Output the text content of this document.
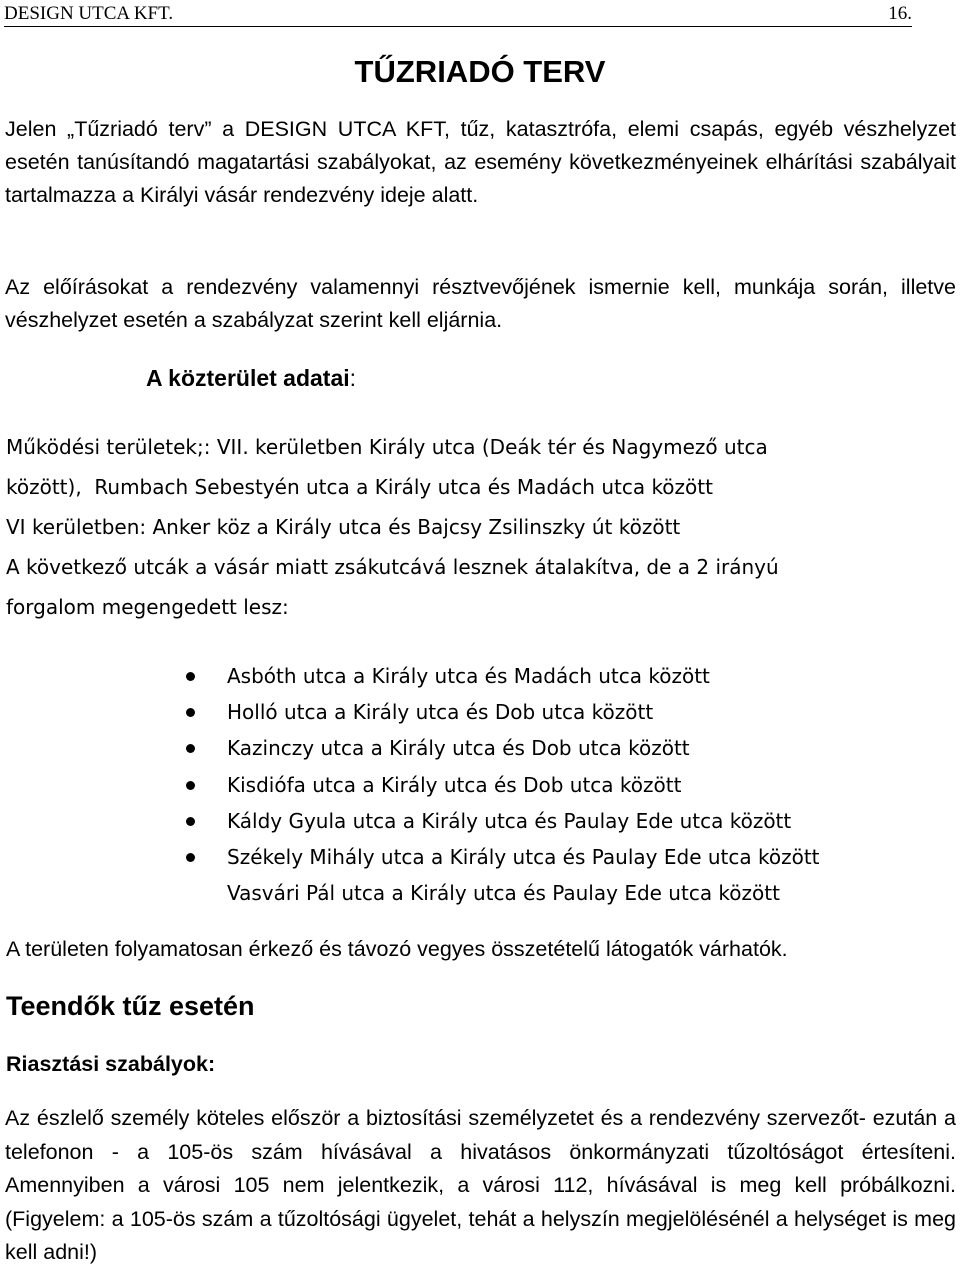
DESIGN UTCA KFT.	16.
TŰZRIADÓ TERV
Jelen „Tűzriadó terv” a DESIGN UTCA KFT, tűz, katasztrófa, elemi csapás, egyéb vészhelyzet esetén tanúsítandó magatartási szabályokat, az esemény következményeinek elhárítási szabályait tartalmazza a Királyi vásár rendezvény ideje alatt.
Az előírásokat a rendezvény valamennyi résztvevőjének ismernie kell, munkája során, illetve vészhelyzet esetén a szabályzat szerint kell eljárnia.
A közterület adatai:
Működési területek;: VII. kerületben Király utca (Deák tér és Nagymező utca
között),  Rumbach Sebestyén utca a Király utca és Madách utca között
VI kerületben: Anker köz a Király utca és Bajcsy Zsilinszky út között
A következő utcák a vásár miatt zsákutcává lesznek átalakítva, de a 2 irányú
forgalom megengedett lesz:
Asbóth utca a Király utca és Madách utca között
Holló utca a Király utca és Dob utca között
Kazinczy utca a Király utca és Dob utca között
Kisdiófa utca a Király utca és Dob utca között
Káldy Gyula utca a Király utca és Paulay Ede utca között
Székely Mihály utca a Király utca és Paulay Ede utca között
Vasvári Pál utca a Király utca és Paulay Ede utca között
A területen folyamatosan érkező és távozó vegyes összetételű látogatók várhatók.
Teendők tűz esetén
Riasztási szabályok:
Az észlelő személy köteles először a biztosítási személyzetet és a rendezvény szervezőt- ezután a telefonon - a 105-ös szám hívásával a hivatásos önkormányzati tűzoltóságot értesíteni. Amennyiben a városi 105 nem jelentkezik, a városi 112, hívásával is meg kell próbálkozni. (Figyelem: a 105-ös szám a tűzoltósági ügyelet, tehát a helyszín megjelölésénél a helységet is meg kell adni!)
